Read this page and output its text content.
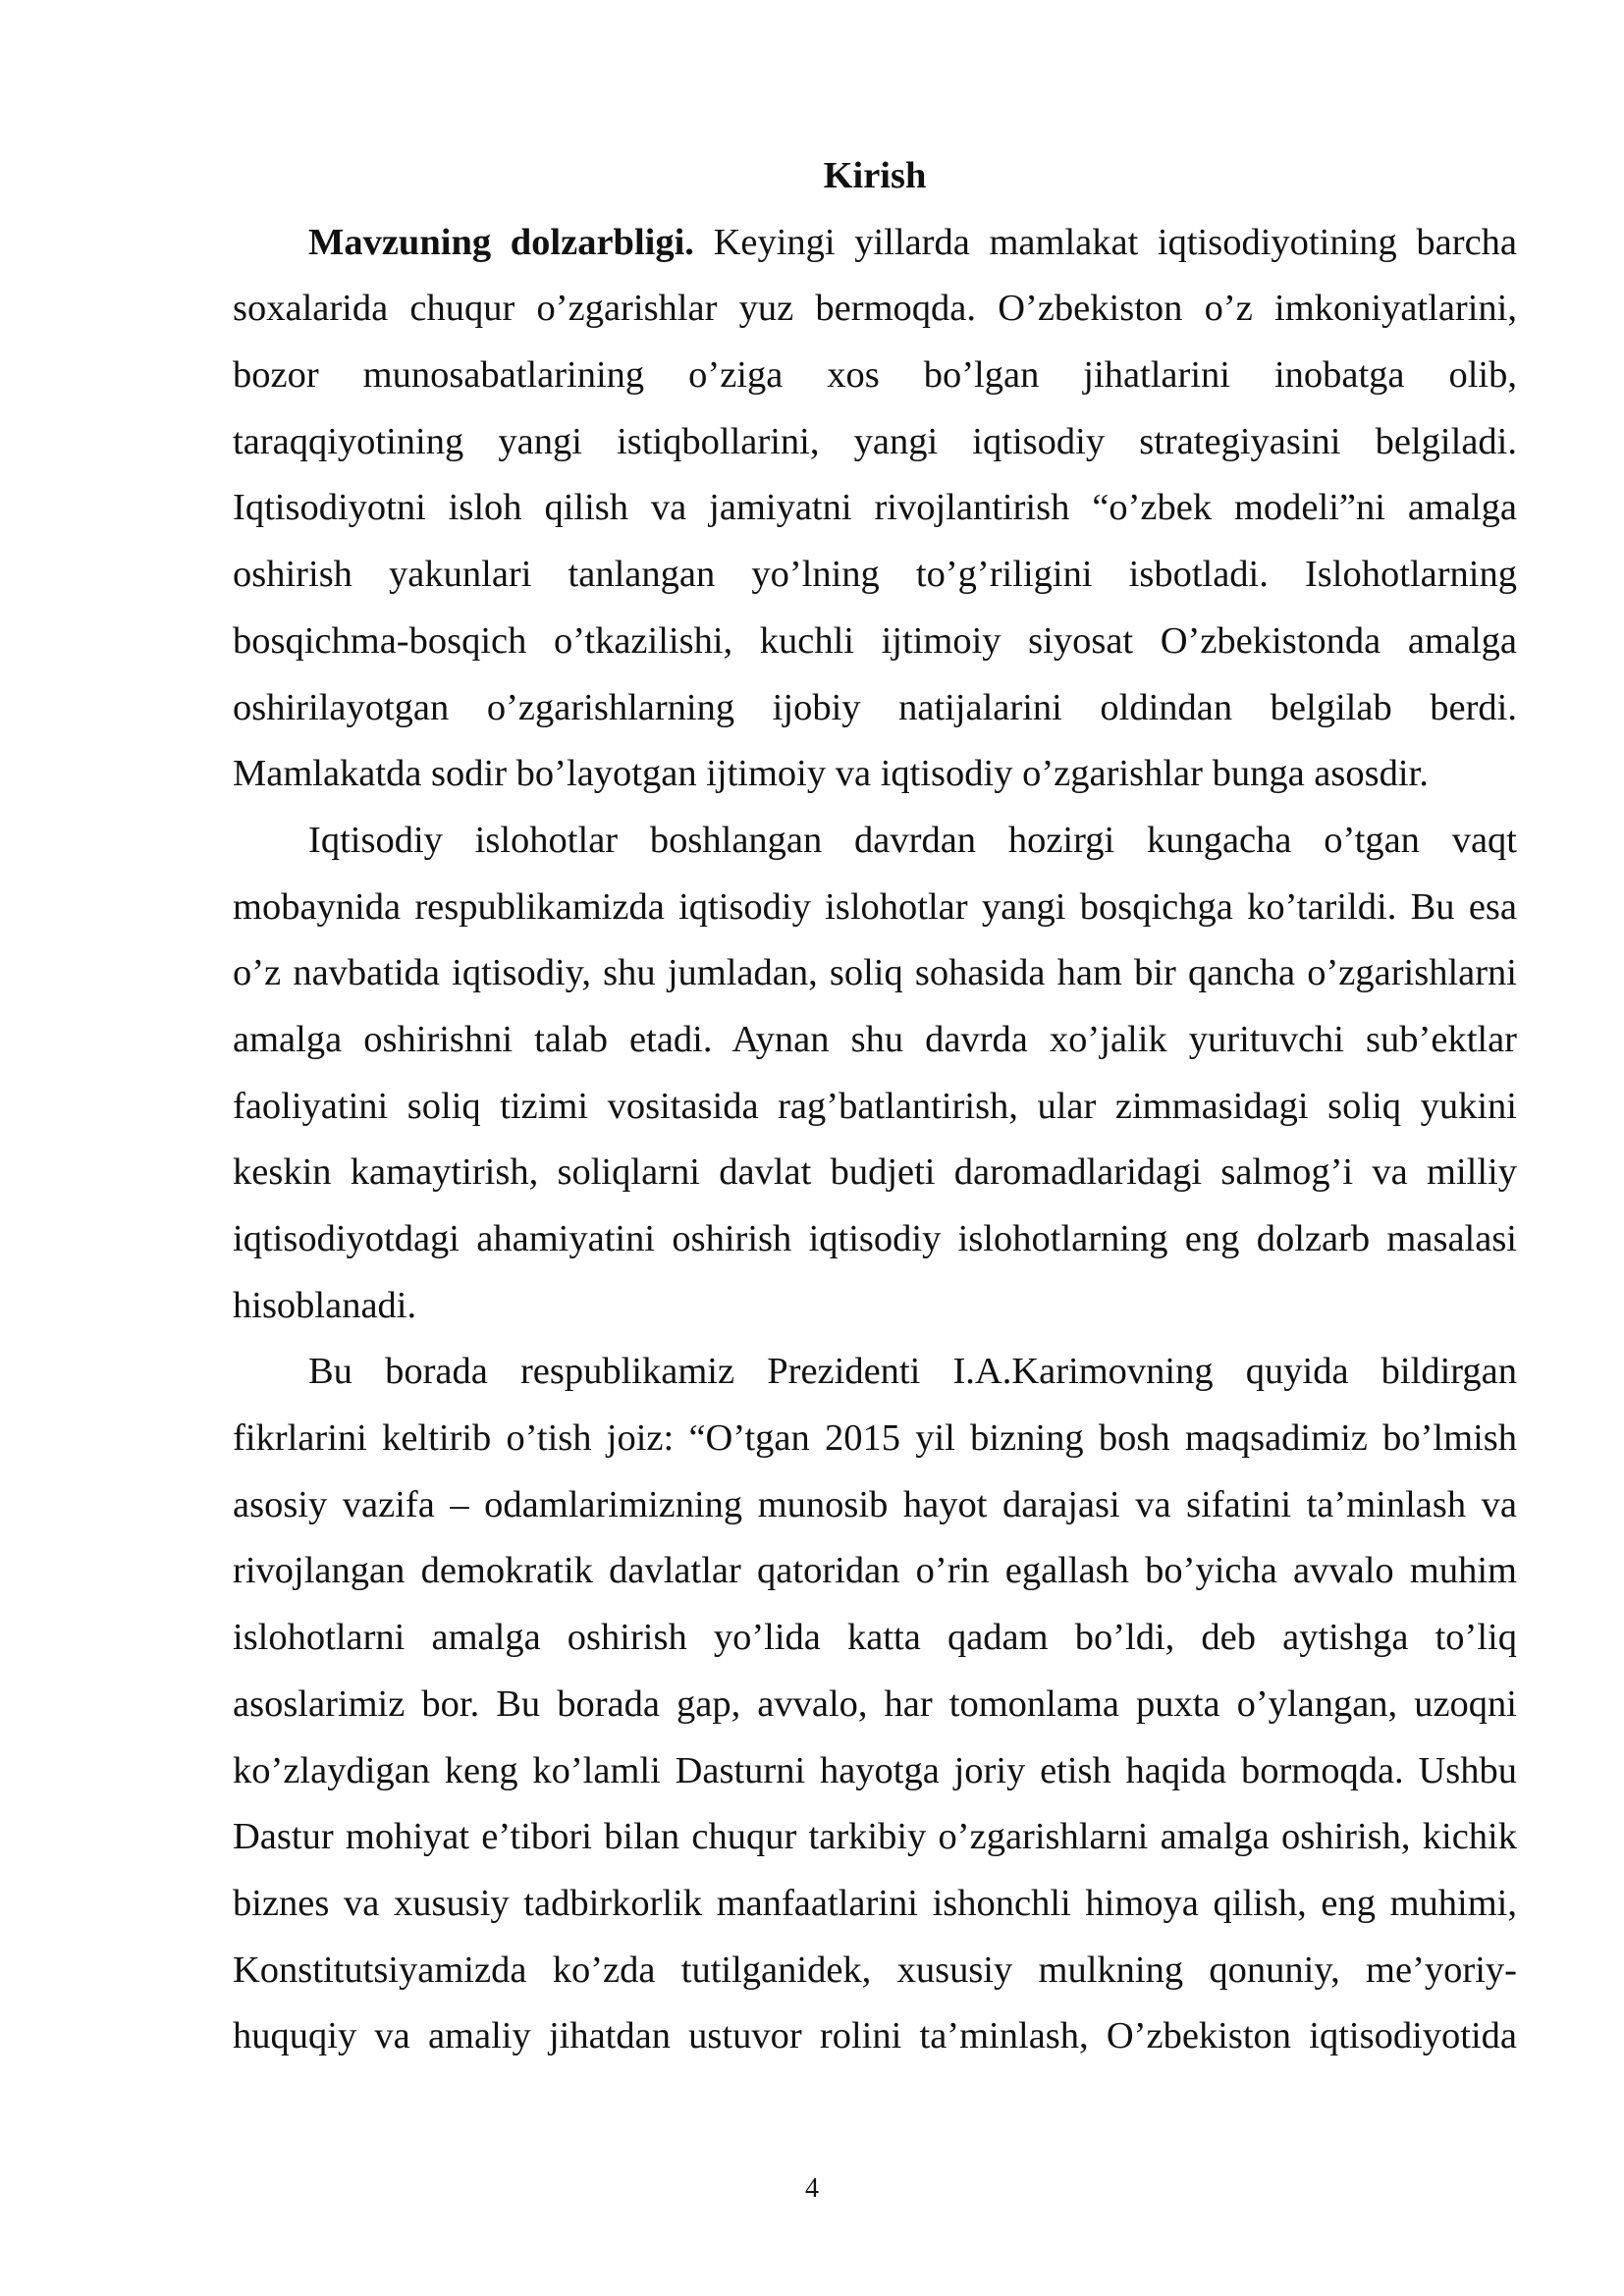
Kirish
Mavzuning dolzarbligi. Keyingi yillarda mamlakat iqtisodiyotining barcha
soxalarida chuqur o’zgarishlar yuz bermoqda. O’zbekiston o’z imkoniyatlarini,
bozor munosabatlarining o’ziga xos bo’lgan jihatlarini inobatga olib,
taraqqiyotining yangi istiqbollarini, yangi iqtisodiy strategiyasini belgiladi.
Iqtisodiyotni isloh qilish va jamiyatni rivojlantirish “o’zbek modeli”ni amalga
oshirish yakunlari tanlangan yo’lning to’g’riligini isbotladi. Islohotlarning
bosqichma-bosqich o’tkazilishi, kuchli ijtimoiy siyosat O’zbekistonda amalga
oshirilayotgan o’zgarishlarning ijobiy natijalarini oldindan belgilab berdi.
Mamlakatda sodir bo’layotgan ijtimoiy va iqtisodiy o’zgarishlar bunga asosdir.
Iqtisodiy islohotlar boshlangan davrdan hozirgi kungacha o’tgan vaqt
mobaynida respublikamizda iqtisodiy islohotlar yangi bosqichga ko’tarildi. Bu esa
o’z navbatida iqtisodiy, shu jumladan, soliq sohasida ham bir qancha o’zgarishlarni
amalga oshirishni talab etadi. Aynan shu davrda xo’jalik yurituvchi sub’ektlar
faoliyatini soliq tizimi vositasida rag’batlantirish, ular zimmasidagi soliq yukini
keskin kamaytirish, soliqlarni davlat budjeti daromadlaridagi salmog’i va milliy
iqtisodiyotdagi ahamiyatini oshirish iqtisodiy islohotlarning eng dolzarb masalasi
hisoblanadi.
Bu borada respublikamiz Prezidenti I.A.Karimovning quyida bildirgan
fikrlarini keltirib o’tish joiz: “O’tgan 2015 yil bizning bosh maqsadimiz bo’lmish
asosiy vazifa – odamlarimizning munosib hayot darajasi va sifatini ta’minlash va
rivojlangan demokratik davlatlar qatoridan o’rin egallash bo’yicha avvalo muhim
islohotlarni amalga oshirish yo’lida katta qadam bo’ldi, deb aytishga to’liq
asoslarimiz bor. Bu borada gap, avvalo, har tomonlama puxta o’ylangan, uzoqni
ko’zlaydigan keng ko’lamli Dasturni hayotga joriy etish haqida bormoqda. Ushbu
Dastur mohiyat e’tibori bilan chuqur tarkibiy o’zgarishlarni amalga oshirish, kichik
biznes va xususiy tadbirkorlik manfaatlarini ishonchli himoya qilish, eng muhimi,
Konstitutsiyamizda ko’zda tutilganidek, xususiy mulkning qonuniy, me’yoriy-
huquqiy va amaliy jihatdan ustuvor rolini ta’minlash, O’zbekiston iqtisodiyotida
4
